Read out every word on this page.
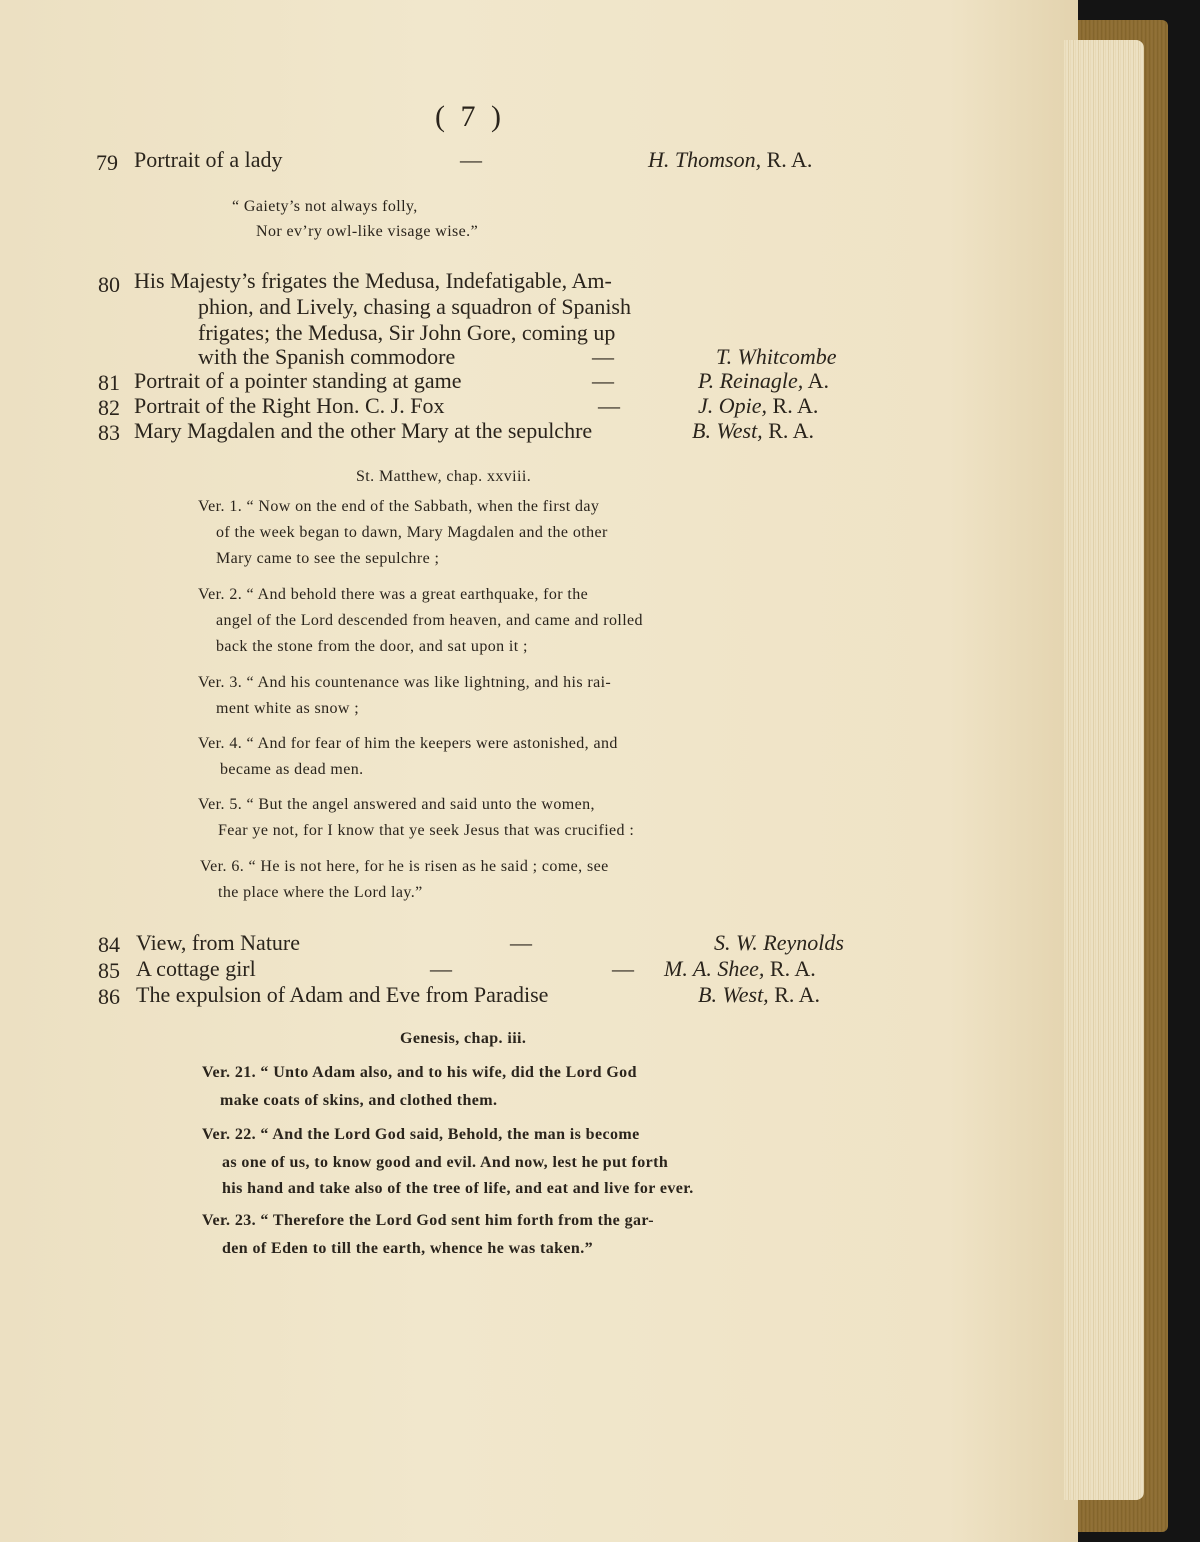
( 7 )
79 Portrait of a lady	—	H. Thomson, R. A.
“ Gaiety’s not always folly,
Nor ev’ry owl-like visage wise.”
80 His Majesty’s frigates the Medusa, Indefatigable, Am-
phion, and Lively, chasing a squadron of Spanish
frigates; the Medusa, Sir John Gore, coming up
with the Spanish commodore	—	T. Whitcombe
81 Portrait of a pointer standing at game	—	P. Reinagle, A.
82 Portrait of the Right Hon. C. J. Fox	—	J. Opie, R. A.
83 Mary Magdalen and the other Mary at the sepulchre	B. West, R. A.
St. Matthew, chap. xxviii.
Ver. 1. “ Now on the end of the Sabbath, when the first day
of the week began to dawn, Mary Magdalen and the other
Mary came to see the sepulchre ;
Ver. 2. “ And behold there was a great earthquake, for the
angel of the Lord descended from heaven, and came and rolled
back the stone from the door, and sat upon it ;
Ver. 3. “ And his countenance was like lightning, and his rai-
ment white as snow ;
Ver. 4. “ And for fear of him the keepers were astonished, and
became as dead men.
Ver. 5. “ But the angel answered and said unto the women,
Fear ye not, for I know that ye seek Jesus that was crucified :
Ver. 6. “ He is not here, for he is risen as he said ; come, see
the place where the Lord lay.”
84 View, from Nature	—	S. W. Reynolds
85 A cottage girl	—	— M. A. Shee, R. A.
86 The expulsion of Adam and Eve from Paradise	B. West, R. A.
Genesis, chap. iii.
Ver. 21. “ Unto Adam also, and to his wife, did the Lord God
make coats of skins, and clothed them.
Ver. 22. “ And the Lord God said, Behold, the man is become
as one of us, to know good and evil. And now, lest he put forth
his hand and take also of the tree of life, and eat and live for ever.
Ver. 23. “ Therefore the Lord God sent him forth from the gar-
den of Eden to till the earth, whence he was taken.”
